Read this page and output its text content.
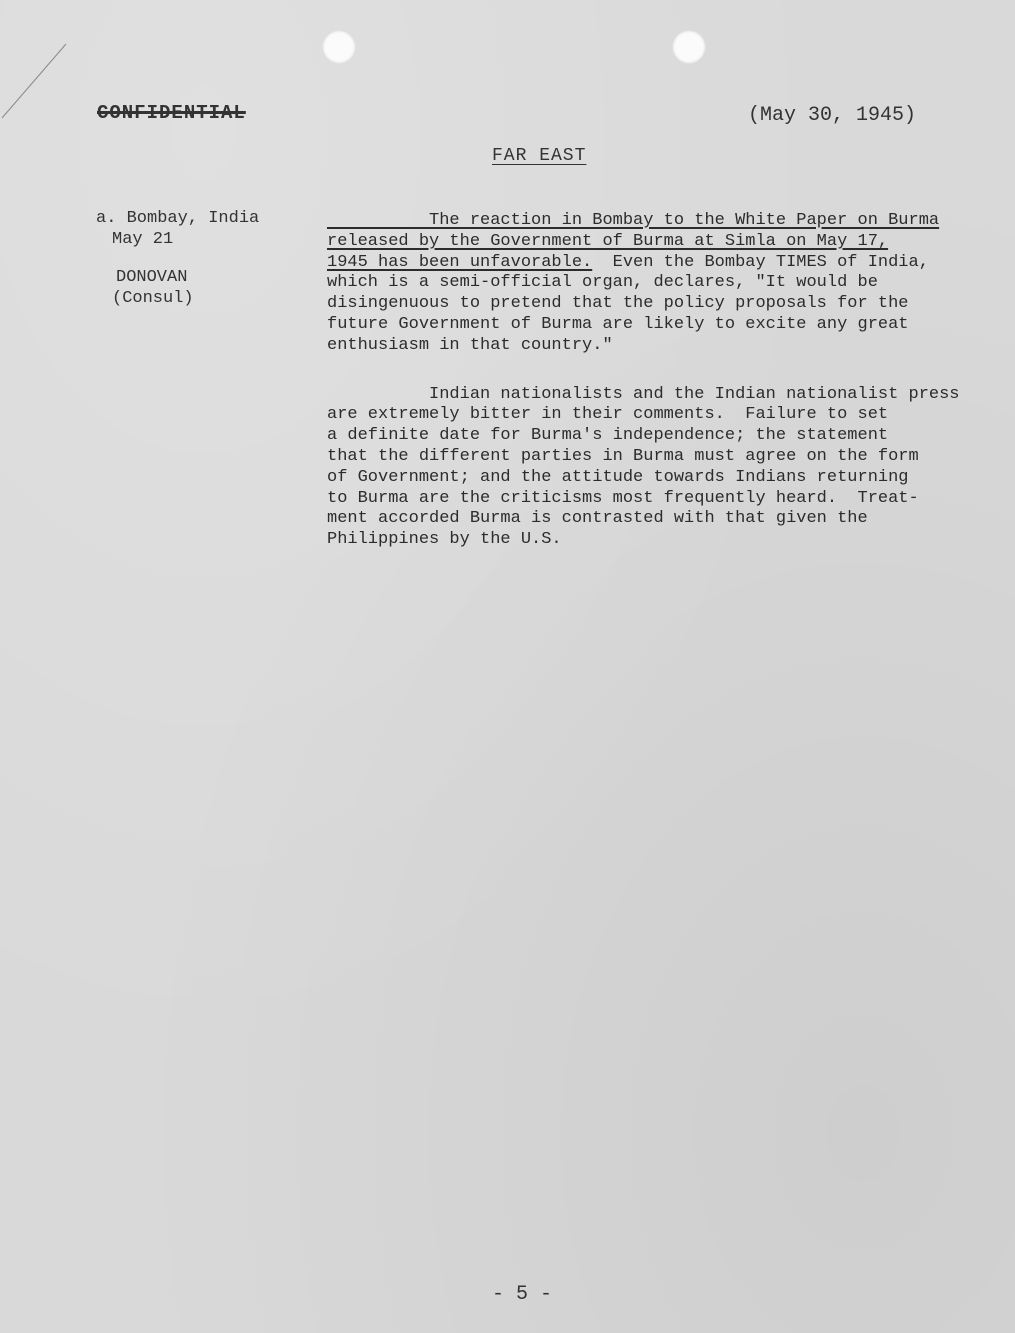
CONFIDENTIAL	(May 30, 1945)
FAR EAST
a. Bombay, India
May 21
DONOVAN
(Consul)

The reaction in Bombay to the White Paper on Burma

released by the Government of Burma at Simla on May 17,

1945 has been unfavorable.  Even the Bombay TIMES of India,

which is a semi-official organ, declares, "It would be

disingenuous to pretend that the policy proposals for the

future Government of Burma are likely to excite any great

enthusiasm in that country."

Indian nationalists and the Indian nationalist press

are extremely bitter in their comments.  Failure to set

a definite date for Burma's independence; the statement

that the different parties in Burma must agree on the form

of Government; and the attitude towards Indians returning

to Burma are the criticisms most frequently heard.  Treat-

ment accorded Burma is contrasted with that given the

Philippines by the U.S.

- 5 -
